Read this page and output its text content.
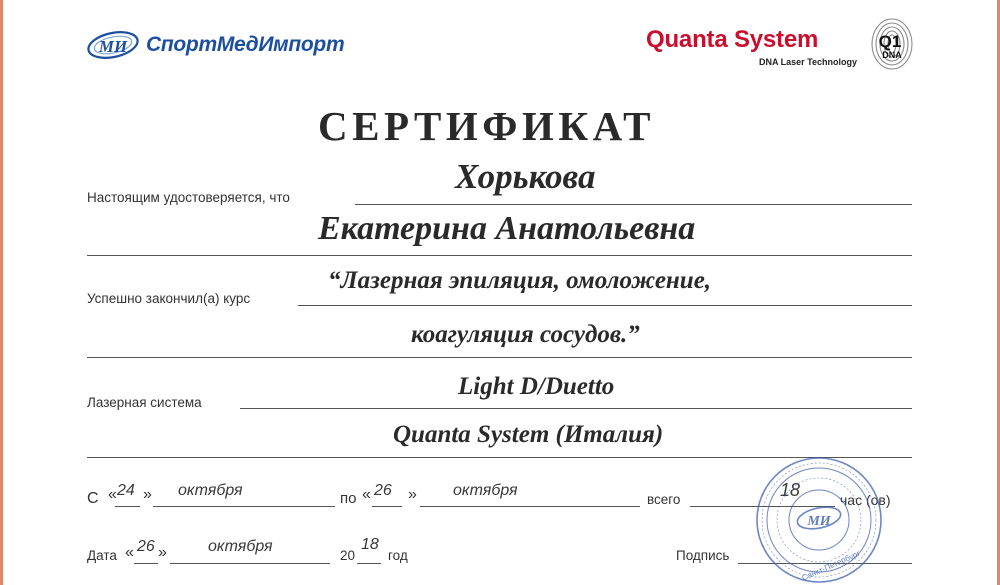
МИ СпортМедИмпорт	Quanta System
DNA Laser Technology
Q1
DNA
СЕРТИФИКАТ
Настоящим удостоверяется, что
Хорькова
Екатерина Анатольевна
Успешно закончил(а) курс
“Лазерная эпиляция, омоложение,
коагуляция сосудов.”
Лазерная система
Light D/Duetto
Quanta System (Италия)
С « 24 » октября	по « 26 » октября
всего	18	час (ов)
Дата « 26 »	октября
20
18
год	Подпись
МИ
Санкт-Петербург
